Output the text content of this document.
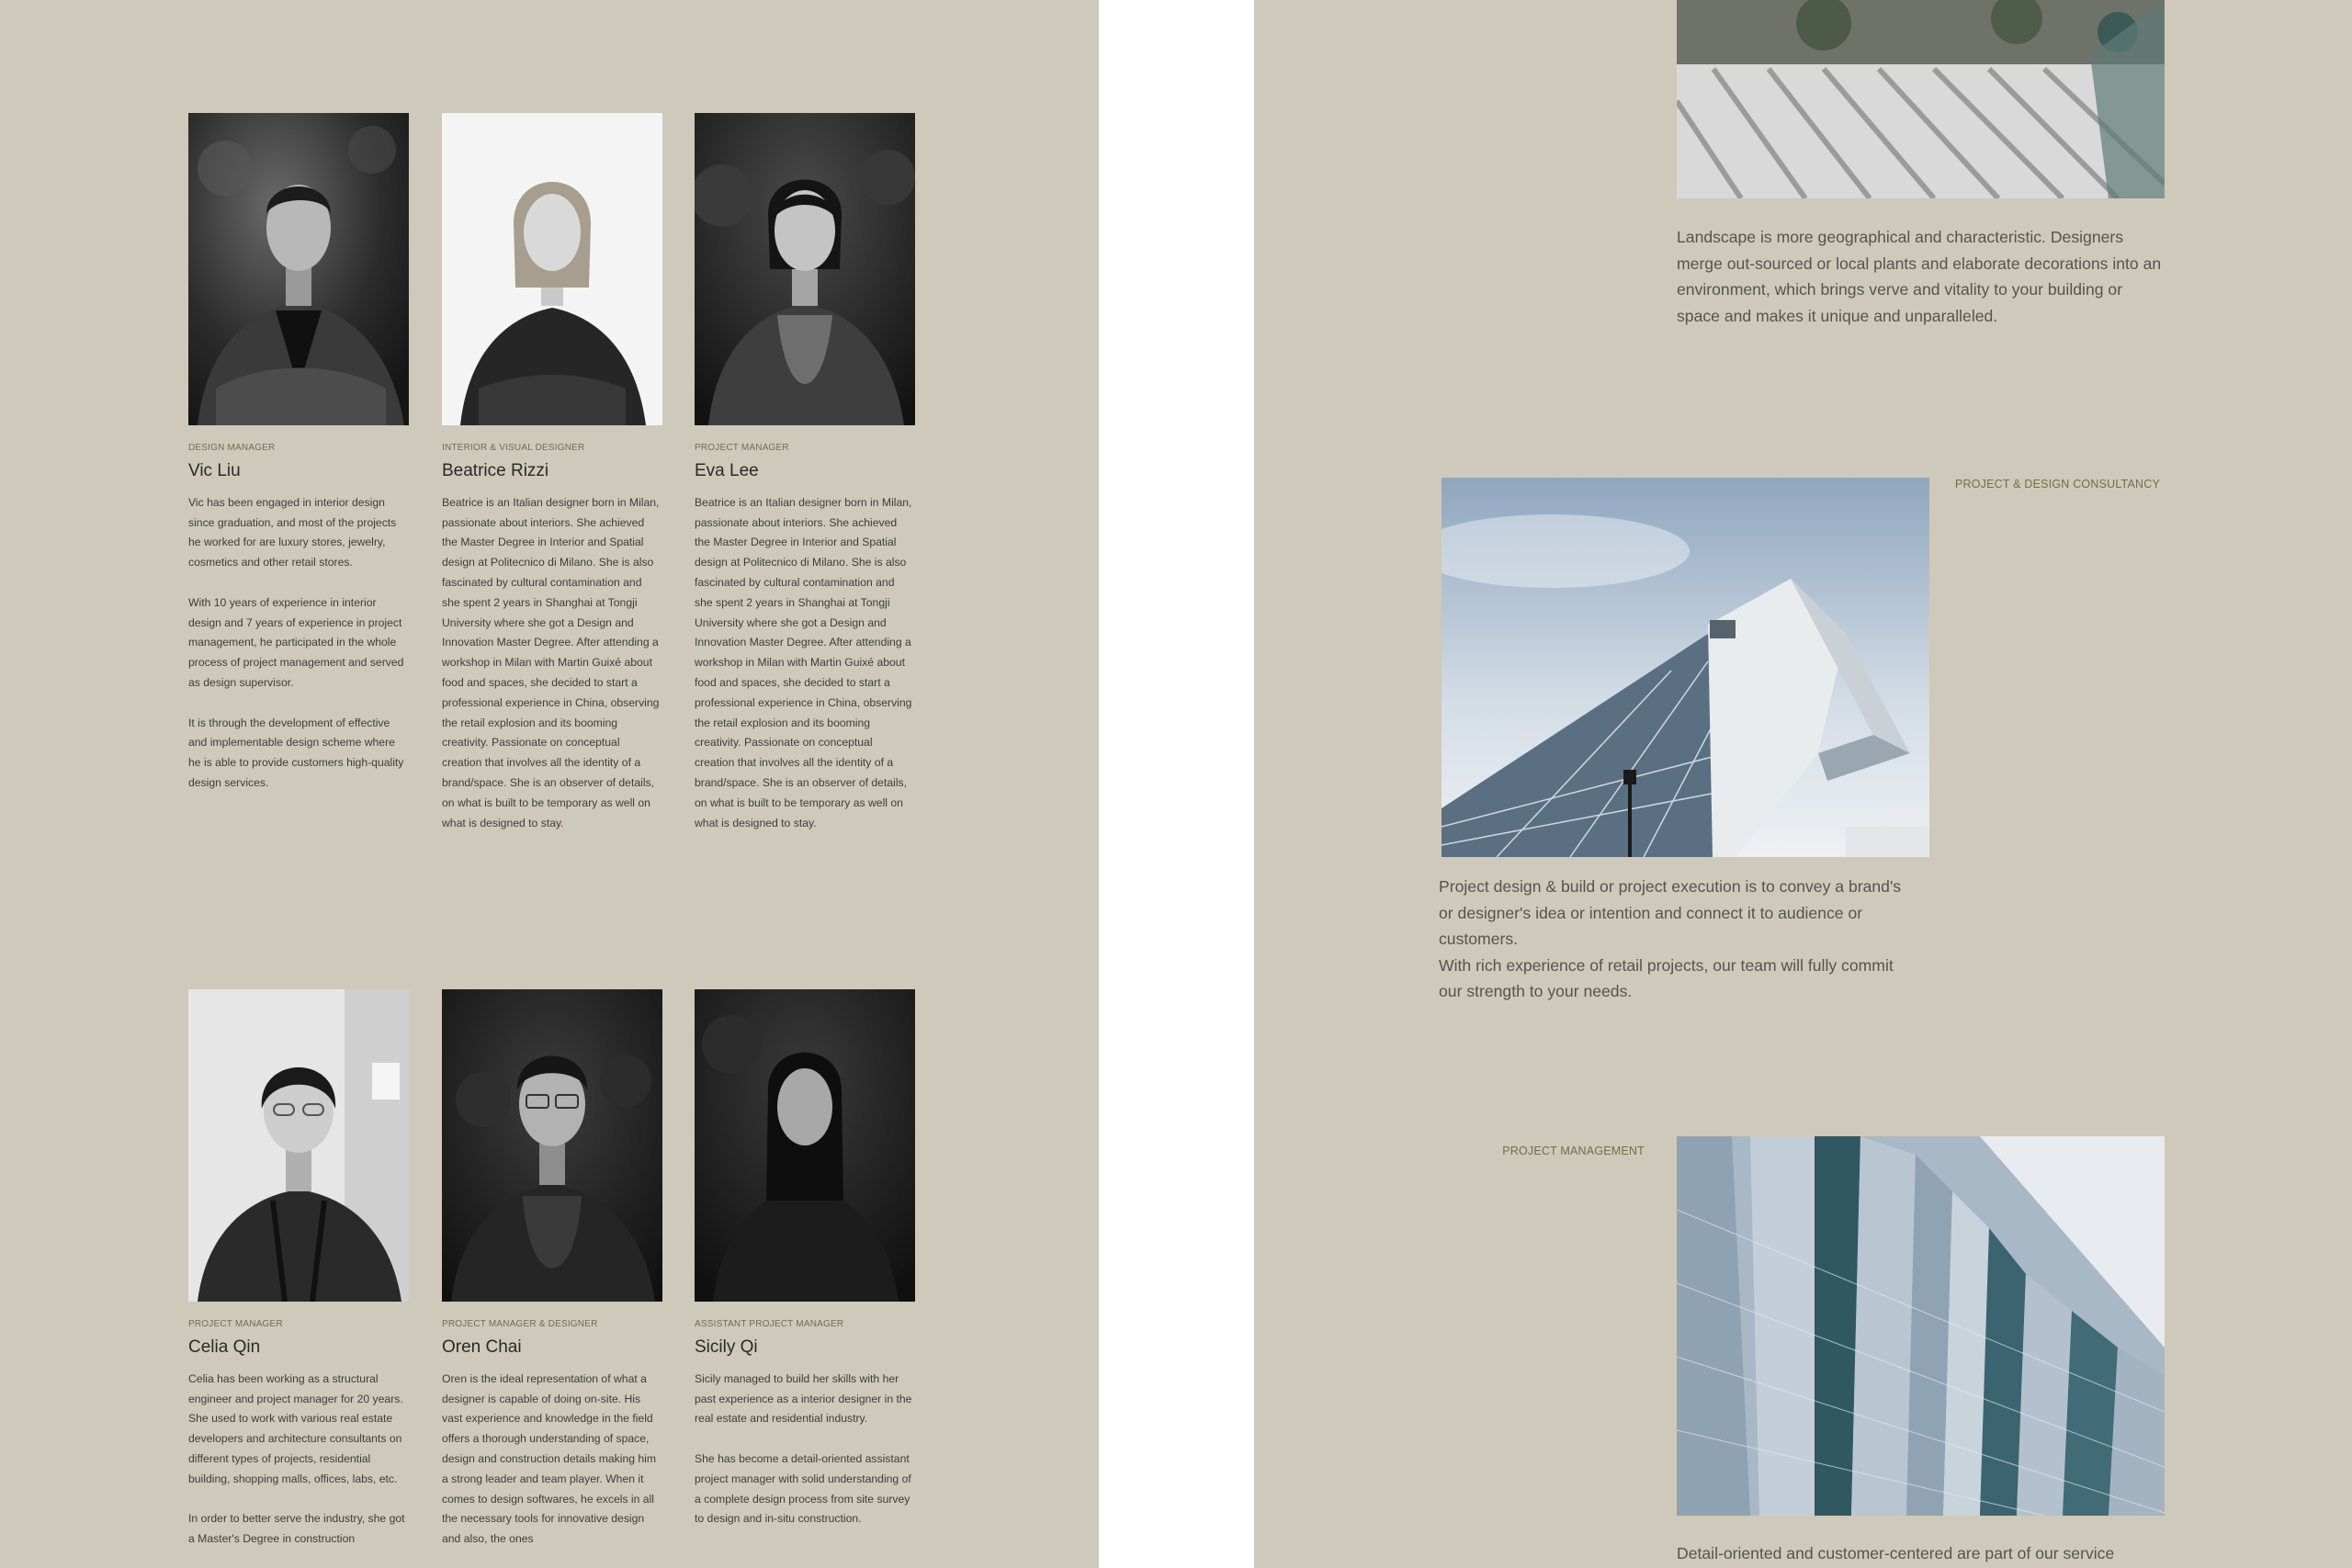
DESIGN MANAGER
Vic Liu

Vic has been engaged in interior design since graduation, and most of the projects he worked for are luxury stores, jewelry, cosmetics and other retail stores.

With 10 years of experience in interior design and 7 years of experience in project management, he participated in the whole process of project management and served as design supervisor.

It is through the development of effective and implementable design scheme where he is able to provide customers high-quality design services.

INTERIOR & VISUAL DESIGNER
Beatrice Rizzi

Beatrice is an Italian designer born in Milan, passionate about interiors. She achieved the Master Degree in Interior and Spatial design at Politecnico di Milano. She is also fascinated by cultural contamination and she spent 2 years in Shanghai at Tongji University where she got a Design and Innovation Master Degree. After attending a workshop in Milan with Martin Guixé about food and spaces, she decided to start a professional experience in China, observing the retail explosion and its booming creativity. Passionate on conceptual creation that involves all the identity of a brand/space. She is an observer of details, on what is built to be temporary as well on what is designed to stay.

PROJECT MANAGER
Eva Lee

Beatrice is an Italian designer born in Milan, passionate about interiors. She achieved the Master Degree in Interior and Spatial design at Politecnico di Milano. She is also fascinated by cultural contamination and she spent 2 years in Shanghai at Tongji University where she got a Design and Innovation Master Degree. After attending a workshop in Milan with Martin Guixé about food and spaces, she decided to start a professional experience in China, observing the retail explosion and its booming creativity. Passionate on conceptual creation that involves all the identity of a brand/space. She is an observer of details, on what is built to be temporary as well on what is designed to stay.

PROJECT MANAGER
Celia Qin

Celia has been working as a structural engineer and project manager for 20 years. She used to work with various real estate developers and architecture consultants on different types of projects, residential building, shopping malls, offices, labs, etc.

In order to better serve the industry, she got a Master's Degree in construction

PROJECT MANAGER & DESIGNER
Oren Chai

Oren is the ideal representation of what a designer is capable of doing on-site. His vast experience and knowledge in the field offers a thorough understanding of space, design and construction details making him a strong leader and team player. When it comes to design softwares, he excels in all the necessary tools for innovative design and also, the ones

ASSISTANT PROJECT MANAGER
Sicily Qi

Sicily managed to build her skills with her past experience as a interior designer in the real estate and residential industry.

She has become a detail-oriented assistant project manager with solid understanding of a complete design process from site survey to design and in-situ construction.

Landscape is more geographical and characteristic. Designers merge out-sourced or local plants and elaborate decorations into an environment, which brings verve and vitality to your building or space and makes it unique and unparalleled.

PROJECT & DESIGN CONSULTANCY

Project design & build or project execution is to convey a brand's or designer's idea or intention and connect it to audience or customers.

With rich experience of retail projects, our team will fully commit our strength to your needs.

PROJECT MANAGEMENT

Detail-oriented and customer-centered are part of our service
